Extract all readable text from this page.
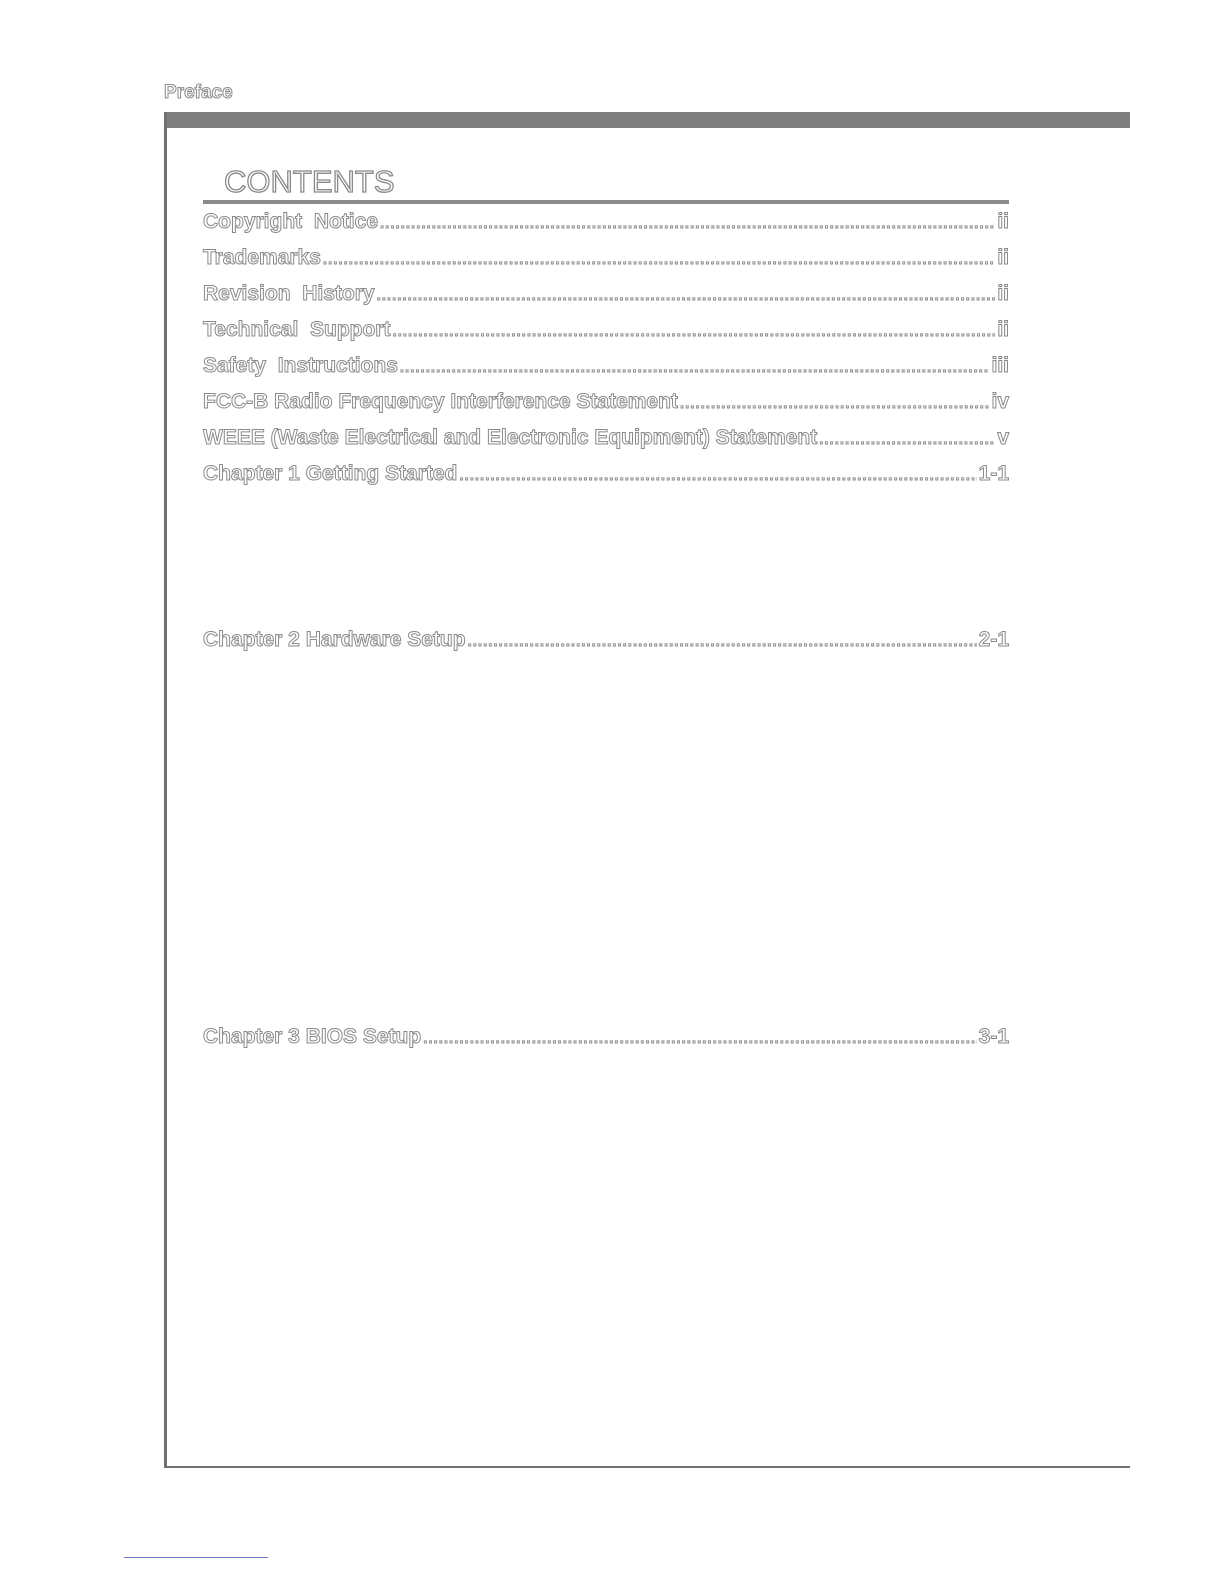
Preface
CONTENTS
Copyright  Notice .....	ii
Trademarks .....	ii
Revision  History .....	ii
Technical  Support .....	ii
Safety  Instructions .....	iii
FCC-B Radio Frequency Interference Statement .....	iv
WEEE (Waste Electrical and Electronic Equipment) Statement .....	v
Chapter 1 Getting Started .....	1-1
Chapter 2 Hardware Setup .....	2-1
Chapter 3 BIOS Setup .....	3-1
